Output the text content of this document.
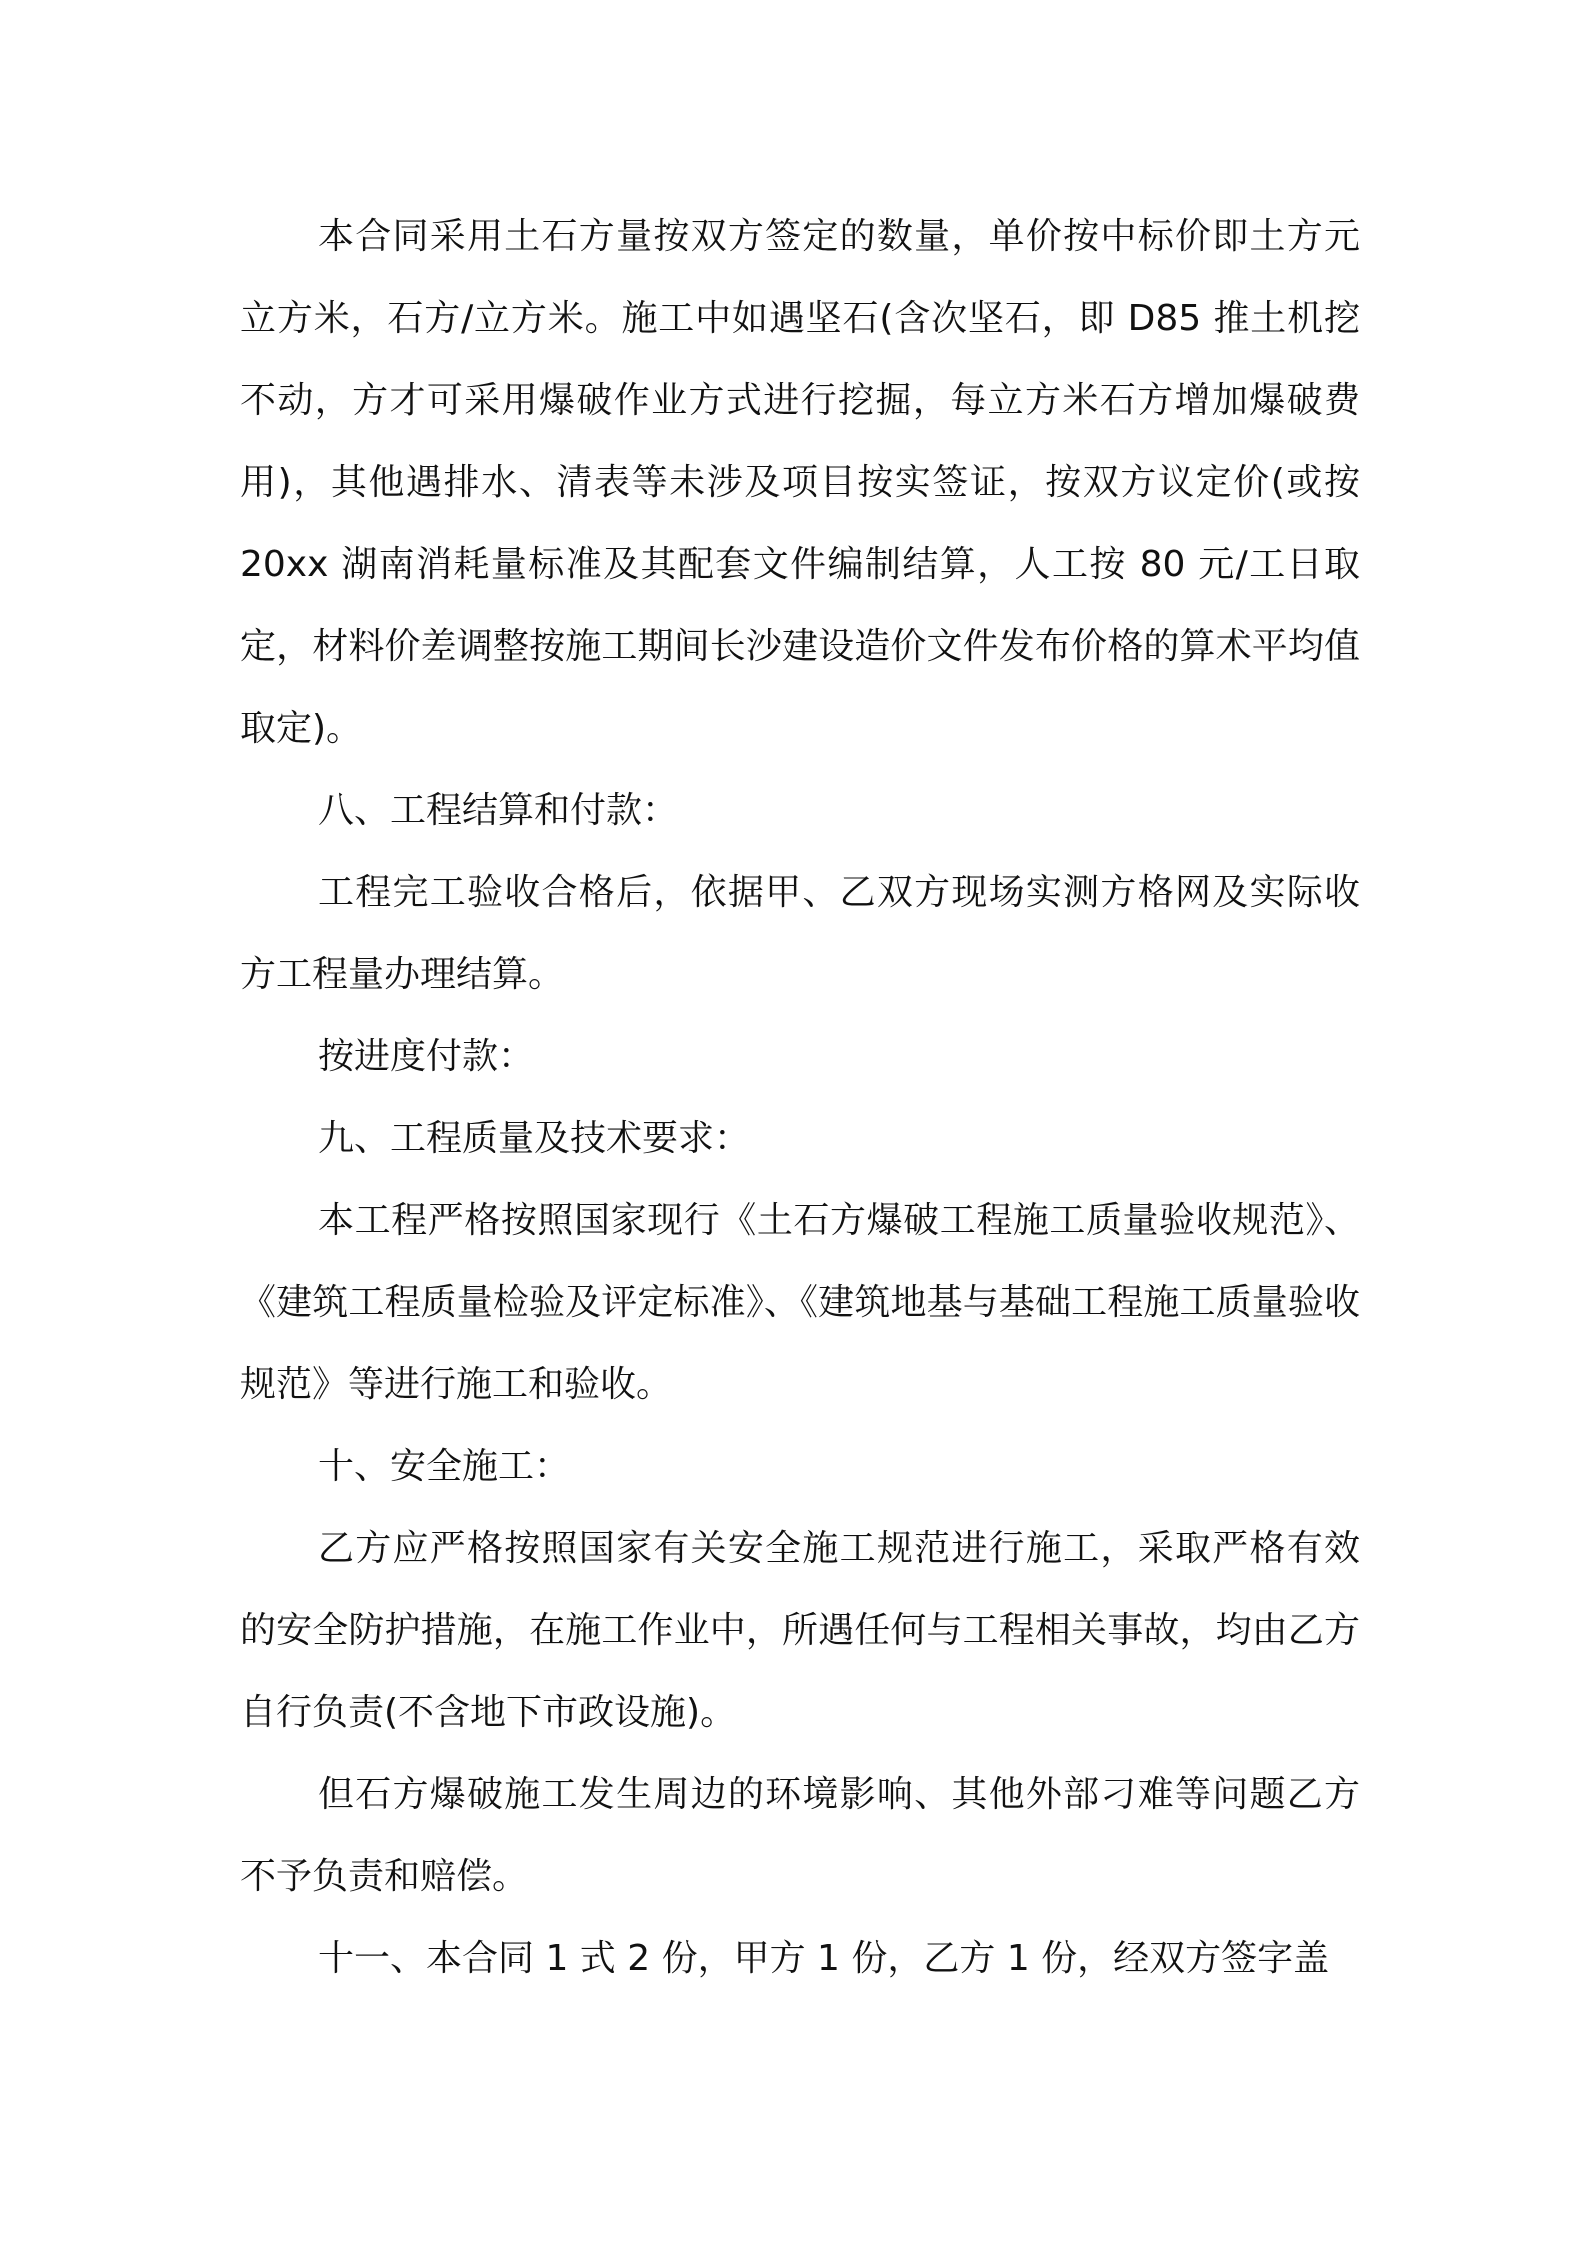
本合同采用土石方量按双方签定的数量，单价按中标价即土方元立方米，石方/立方米。施工中如遇坚石(含次坚石，即 D85 推土机挖不动，方才可采用爆破作业方式进行挖掘，每立方米石方增加爆破费用)，其他遇排水、清表等未涉及项目按实签证，按双方议定价(或按 20xx 湖南消耗量标准及其配套文件编制结算，人工按 80 元/工日取定，材料价差调整按施工期间长沙建设造价文件发布价格的算术平均值取定)。

八、工程结算和付款：

工程完工验收合格后，依据甲、乙双方现场实测方格网及实际收方工程量办理结算。

按进度付款：

九、工程质量及技术要求：

本工程严格按照国家现行《土石方爆破工程施工质量验收规范》、《建筑工程质量检验及评定标准》、《建筑地基与基础工程施工质量验收规范》等进行施工和验收。

十、安全施工：

乙方应严格按照国家有关安全施工规范进行施工，采取严格有效的安全防护措施，在施工作业中，所遇任何与工程相关事故，均由乙方自行负责(不含地下市政设施)。

但石方爆破施工发生周边的环境影响、其他外部刁难等问题乙方不予负责和赔偿。

十一、本合同 1 式 2 份，甲方 1 份，乙方 1 份，经双方签字盖
